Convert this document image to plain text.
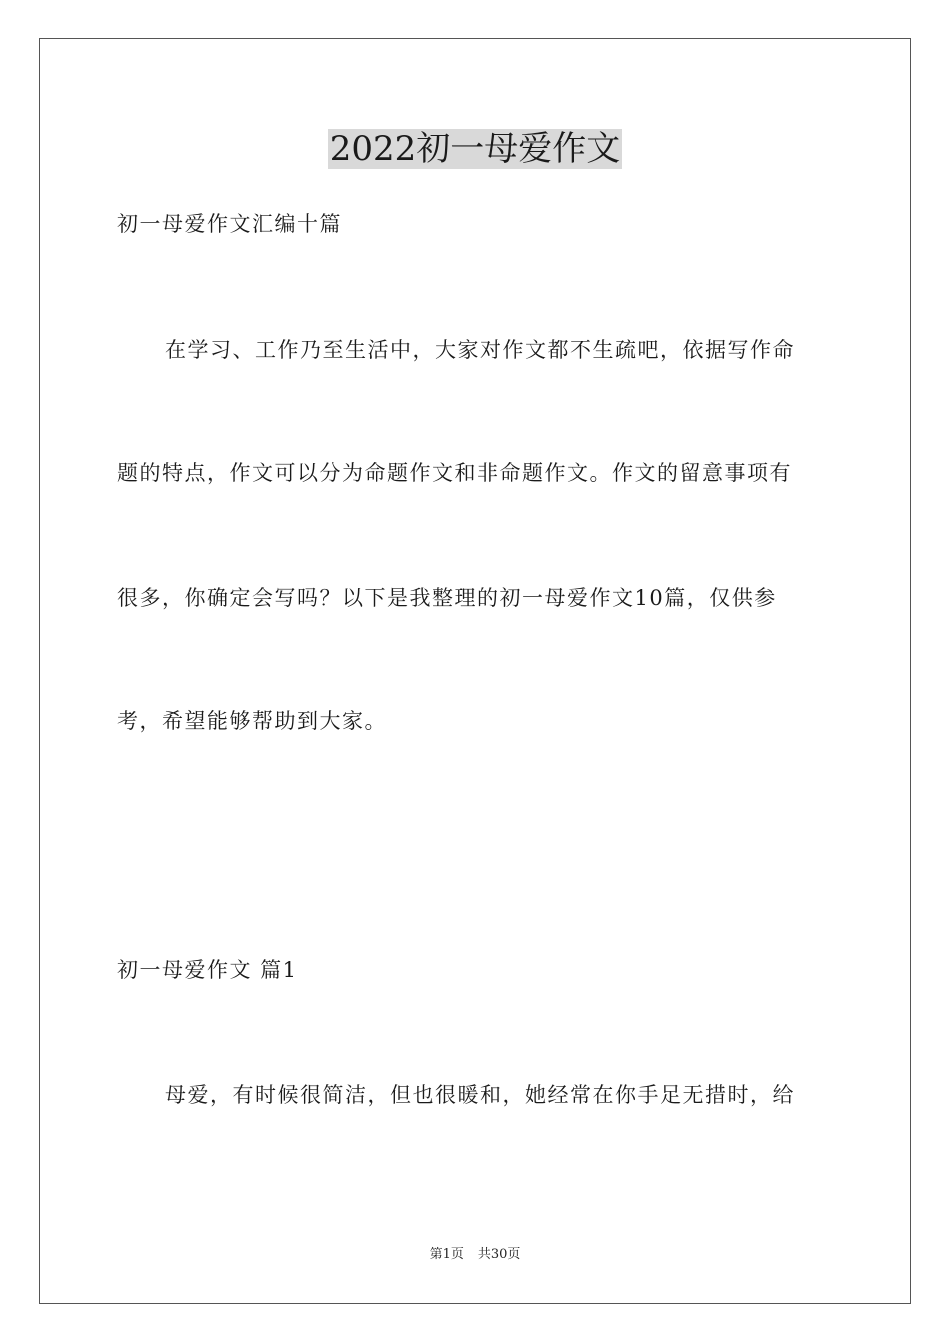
2022初一母爱作文
初一母爱作文汇编十篇
在学习、工作乃至生活中，大家对作文都不生疏吧，依据写作命
题的特点，作文可以分为命题作文和非命题作文。作文的留意事项有
很多，你确定会写吗？以下是我整理的初一母爱作文10篇，仅供参
考，希望能够帮助到大家。
初一母爱作文 篇1
母爱，有时候很简洁，但也很暖和，她经常在你手足无措时，给
第1页 共30页
